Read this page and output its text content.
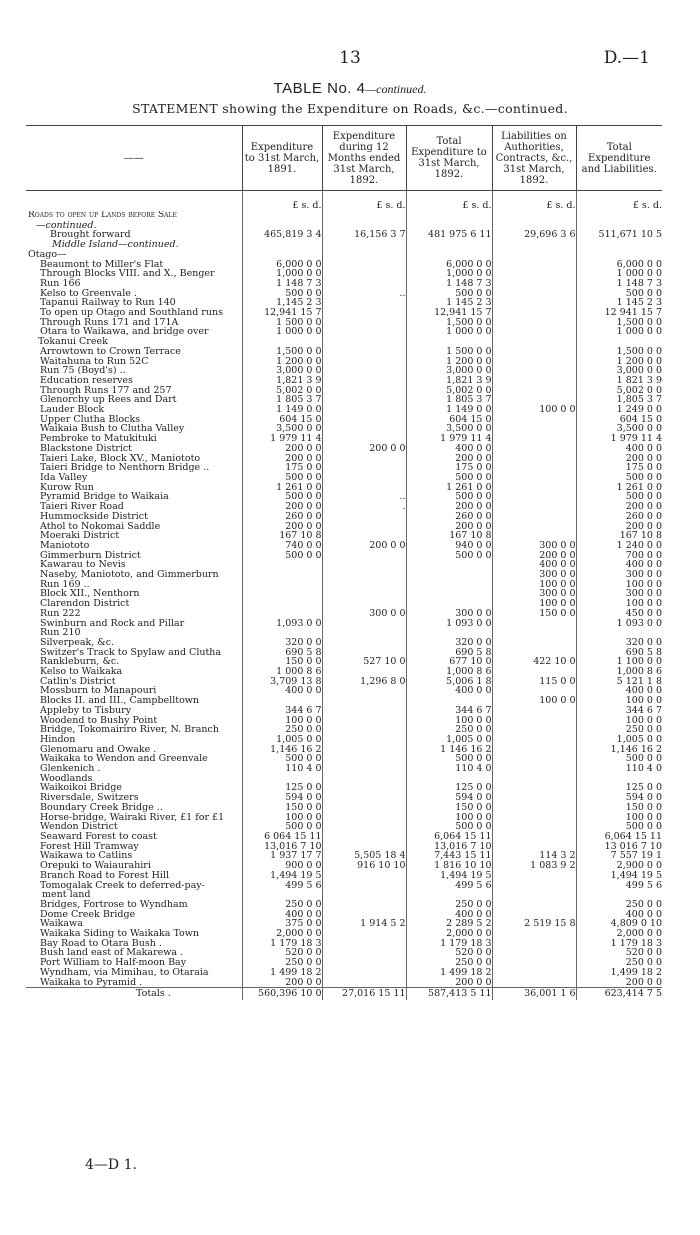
13	D.—1
TABLE No. 4—continued.
STATEMENT showing the Expenditure on Roads, &c.—continued.
——	Expenditure to 31st March, 1891.	Expenditure during 12 Months ended 31st March, 1892.	Total Expenditure to 31st March, 1892.	Liabilities on Authorities, Contracts, &c., 31st March, 1892.	Total Expenditure and Liabilities.

	£ s. d.	£ s. d.	£ s. d.	£ s. d.	£ s. d.
Roads to open up Lands before Sale					
—continued.					
Brought forward	465,819 3 4	16,156 3 7	481 975 6 11	29,696 3 6	511,671 10 5
Middle Island—continued.					
Otago—					
Beaumont to Miller's Flat	6,000 0 0		6,000 0 0		6,000 0 0
Through Blocks VIII. and X., Benger	1,000 0 0		1,000 0 0		1 000 0 0
Run 166	1 148 7 3		1 148 7 3		1 148 7 3
Kelso to Greenvale .	500 0 0	..	500 0 0		500 0 0
Tapanui Railway to Run 140	1,145 2 3		1 145 2 3		1 145 2 3
To open up Otago and Southland runs	12,941 15 7		12,941 15 7		12 941 15 7
Through Runs 171 and 171A	1 500 0 0		1,500 0 0		1,500 0 0
Otara to Waikawa, and bridge over	1 000 0 0		1 000 0 0		1 000 0 0
Tokanui Creek					
Arrowtown to Crown Terrace	1,500 0 0		1 500 0 0		1,500 0 0
Waitahuna to Run 52C	1 200 0 0		1 200 0 0		1 200 0 0
Run 75 (Boyd's) ..	3,000 0 0		3,000 0 0		3,000 0 0
Education reserves	1,821 3 9		1,821 3 9		1 821 3 9
Through Runs 177 and 257	5,002 0 0		5,002 0 0		5,002 0 0
Glenorchy up Rees and Dart	1 805 3 7		1 805 3 7		1,805 3 7
Lauder Block	1 149 0 0		1 149 0 0	100 0 0	1 249 0 0
Upper Clutha Blocks	604 15 0		604 15 0		604 15 0
Waikaia Bush to Clutha Valley	3,500 0 0		3,500 0 0		3,500 0 0
Pembroke to Matukituki	1 979 11 4		1 979 11 4		1 979 11 4
Blackstone District	200 0 0	200 0 0	400 0 0		400 0 0
Taieri Lake, Block XV., Maniototo	200 0 0		200 0 0		200 0 0
Taieri Bridge to Nenthorn Bridge ..	175 0 0		175 0 0		175 0 0
Ida Valley	500 0 0		500 0 0		500 0 0
Kurow Run	1 261 0 0		1 261 0 0		1 261 0 0
Pyramid Bridge to Waikaia	500 0 0	..	500 0 0		500 0 0
Taieri River Road	200 0 0	.	200 0 0		200 0 0
Hummockside District	260 0 0		260 0 0		260 0 0
Athol to Nokomai Saddle	200 0 0		200 0 0		200 0 0
Moeraki District	167 10 8		167 10 8		167 10 8
Maniototo	740 0 0	200 0 0	940 0 0	300 0 0	1 240 0 0
Gimmerburn District	500 0 0		500 0 0	200 0 0	700 0 0
Kawarau to Nevis				400 0 0	400 0 0
Naseby, Maniototo, and Gimmerburn				300 0 0	300 0 0
Run 169 ..				100 0 0	100 0 0
Block XII., Nenthorn				300 0 0	300 0 0
Clarendon District				100 0 0	100 0 0
Run 222		300 0 0	300 0 0	150 0 0	450 0 0
Swinburn and Rock and Pillar	1,093 0 0		1 093 0 0		1 093 0 0
Run 210					
Silverpeak, &c.	320 0 0		320 0 0		320 0 0
Switzer's Track to Spylaw and Clutha	690 5 8		690 5 8		690 5 8
Rankleburn, &c.	150 0 0	527 10 0	677 10 0	422 10 0	1 100 0 0
Kelso to Waikaka	1 000 8 6		1,000 8 6		1,000 8 6
Catlin's District	3,709 13 8	1,296 8 0	5,006 1 8	115 0 0	5 121 1 8
Mossburn to Manapouri	400 0 0		400 0 0		400 0 0
Blocks II. and III., Campbelltown				100 0 0	100 0 0
Appleby to Tisbury	344 6 7		344 6 7		344 6 7
Woodend to Bushy Point	100 0 0		100 0 0		100 0 0
Bridge, Tokomairiro River, N. Branch	250 0 0		250 0 0		250 0 0
Hindon	1,005 0 0		1,005 0 0		1,005 0 0
Glenomaru and Owake .	1,146 16 2		1 146 16 2		1,146 16 2
Waikaka to Wendon and Greenvale	500 0 0		500 0 0		500 0 0
Glenkenich .	110 4 0		110 4 0		110 4 0
Woodlands					
Waikoikoi Bridge	125 0 0		125 0 0		125 0 0
Riversdale, Switzers	594 0 0		594 0 0		594 0 0
Boundary Creek Bridge ..	150 0 0		150 0 0		150 0 0
Horse-bridge, Wairaki River, £1 for £1	100 0 0		100 0 0		100 0 0
Wendon District	500 0 0		500 0 0		500 0 0
Seaward Forest to coast	6 064 15 11		6,064 15 11		6,064 15 11
Forest Hill Tramway	13,016 7 10		13,016 7 10		13 016 7 10
Waikawa to Catlins	1 937 17 7	5,505 18 4	7,443 15 11	114 3 2	7 557 19 1
Orepuki to Waiaurahiri	900 0 0	916 10 10	1 816 10 10	1 083 9 2	2,900 0 0
Branch Road to Forest Hill	1,494 19 5		1,494 19 5		1,494 19 5
Tomogalak Creek to deferred-pay-	499 5 6		499 5 6		499 5 6
ment land					
Bridges, Fortrose to Wyndham	250 0 0		250 0 0		250 0 0
Dome Creek Bridge	400 0 0		400 0 0		400 0 0
Waikawa	375 0 0	1 914 5 2	2 289 5 2	2 519 15 8	4,809 0 10
Waikaka Siding to Waikaka Town	2,000 0 0		2,000 0 0		2,000 0 0
Bay Road to Otara Bush .	1 179 18 3		1 179 18 3		1 179 18 3
Bush land east of Makarewa .	520 0 0		520 0 0		520 0 0
Port William to Half-moon Bay	250 0 0		250 0 0		250 0 0
Wyndham, via Mimihau, to Otaraia	1 499 18 2		1 499 18 2		1,499 18 2
Waikaka to Pyramid .	200 0 0		200 0 0		200 0 0
Totals .	560,396 10 0	27,016 15 11	587,413 5 11	36,001 1 6	623,414 7 5
4—D 1.
